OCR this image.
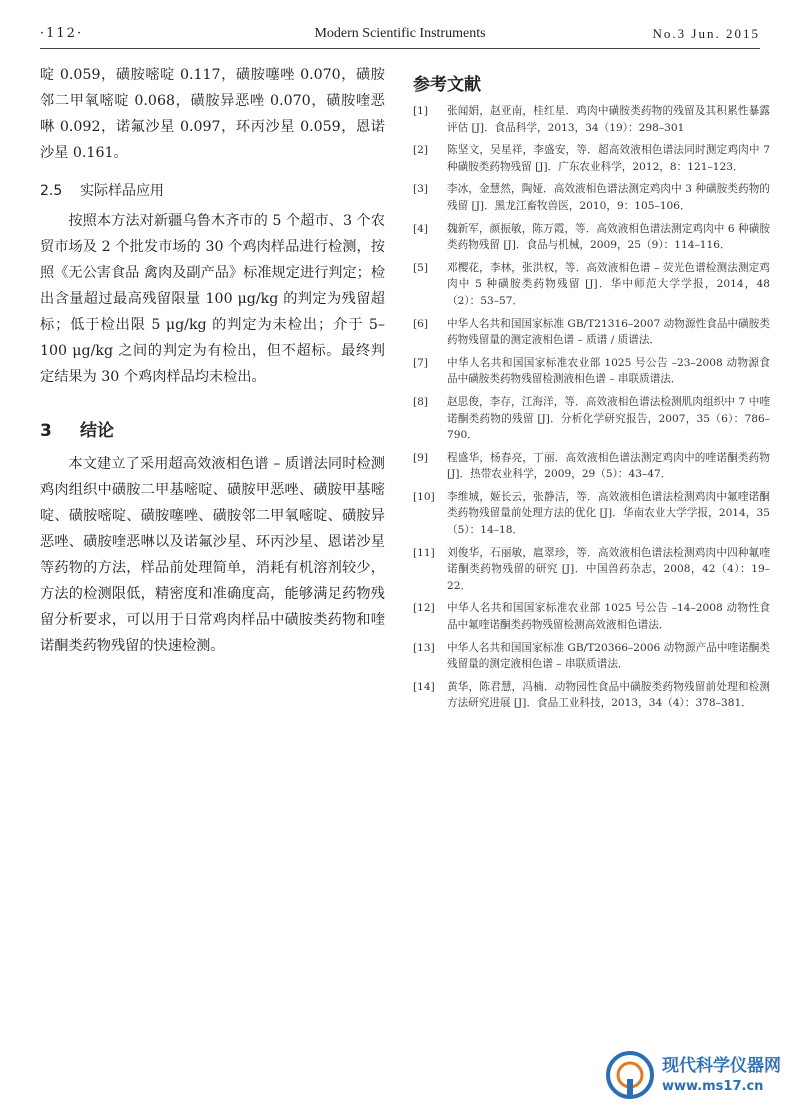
·112·	Modern Scientific Instruments	No.3 Jun. 2015

啶 0.059，磺胺嘧啶 0.117，磺胺噻唑 0.070，磺胺邻二甲氧嘧啶 0.068，磺胺异恶唑 0.070，磺胺喹恶啉 0.092，诺氟沙星 0.097，环丙沙星 0.059，恩诺沙星 0.161。

2.5 实际样品应用

按照本方法对新疆乌鲁木齐市的 5 个超市、3 个农贸市场及 2 个批发市场的 30 个鸡肉样品进行检测，按照《无公害食品 禽肉及副产品》标准规定进行判定；检出含量超过最高残留限量 100 μg/kg 的判定为残留超标；低于检出限 5 μg/kg 的判定为未检出；介于 5–100 μg/kg 之间的判定为有检出，但不超标。最终判定结果为 30 个鸡肉样品均未检出。

3 结论

本文建立了采用超高效液相色谱 – 质谱法同时检测鸡肉组织中磺胺二甲基嘧啶、磺胺甲恶唑、磺胺甲基嘧啶、磺胺嘧啶、磺胺噻唑、磺胺邻二甲氧嘧啶、磺胺异恶唑、磺胺喹恶啉以及诺氟沙星、环丙沙星、恩诺沙星等药物的方法，样品前处理简单，消耗有机溶剂较少，方法的检测限低，精密度和准确度高，能够满足药物残留分析要求，可以用于日常鸡肉样品中磺胺类药物和喹诺酮类药物残留的快速检测。

参考文献
[1]	张闻娟，赵亚南，桂红星．鸡肉中磺胺类药物的残留及其积累性暴露评估 [J]．食品科学，2013，34（19）：298–301
[2]	陈坚文，吴星祥，李盛安，等．超高效液相色谱法同时测定鸡肉中 7 种磺胺类药物残留 [J]．广东农业科学，2012，8：121–123．
[3]	李冰，金慧然，陶娅．高效液相色谱法测定鸡肉中 3 种磺胺类药物的残留 [J]．黑龙江畜牧兽医，2010，9：105–106．
[4]	魏新军，颜振敏，陈万霞，等．高效液相色谱法测定鸡肉中 6 种磺胺类药物残留 [J]．食品与机械，2009，25（9）：114–116．
[5]	邓樱花，李林，张洪权，等．高效液相色谱 – 荧光色谱检测法测定鸡肉中 5 种磺胺类药物残留 [J]．华中师范大学学报，2014，48（2）：53–57．
[6]	中华人名共和国国家标准 GB/T21316–2007 动物源性食品中磺胺类药物残留量的测定液相色谱 – 质谱 / 质谱法．
[7]	中华人名共和国国家标准农业部 1025 号公告 –23–2008 动物源食品中磺胺类药物残留检测液相色谱 – 串联质谱法．
[8]	赵思俊，李存，江海洋，等．高效液相色谱法检测肌肉组织中 7 中喹诺酮类药物的残留 [J]．分析化学研究报告，2007，35（6）：786–790．
[9]	程盛华，杨春亮，丁丽．高效液相色谱法测定鸡肉中的喹诺酮类药物 [J]．热带农业科学，2009，29（5）：43–47．
[10]	李维城，姬长云，张静洁，等．高效液相色谱法检测鸡肉中氟喹诺酮类药物残留量前处理方法的优化 [J]．华南农业大学学报，2014，35（5）：14–18．
[11]	刘俊华，石丽敏，扈翠珍，等．高效液相色谱法检测鸡肉中四种氟喹诺酮类药物残留的研究 [J]．中国兽药杂志，2008，42（4）：19–22．
[12]	中华人名共和国国家标准农业部 1025 号公告 –14–2008 动物性食品中氟喹诺酮类药物残留检测高效液相色谱法．
[13]	中华人名共和国国家标准 GB/T20366–2006 动物源产品中喹诺酮类残留量的测定液相色谱 – 串联质谱法．
[14]	黄华，陈君慧，冯楠．动物园性食品中磺胺类药物残留前处理和检测方法研究进展 [J]．食品工业科技，2013，34（4）：378–381．
现代科学仪器网
www.ms17.cn
